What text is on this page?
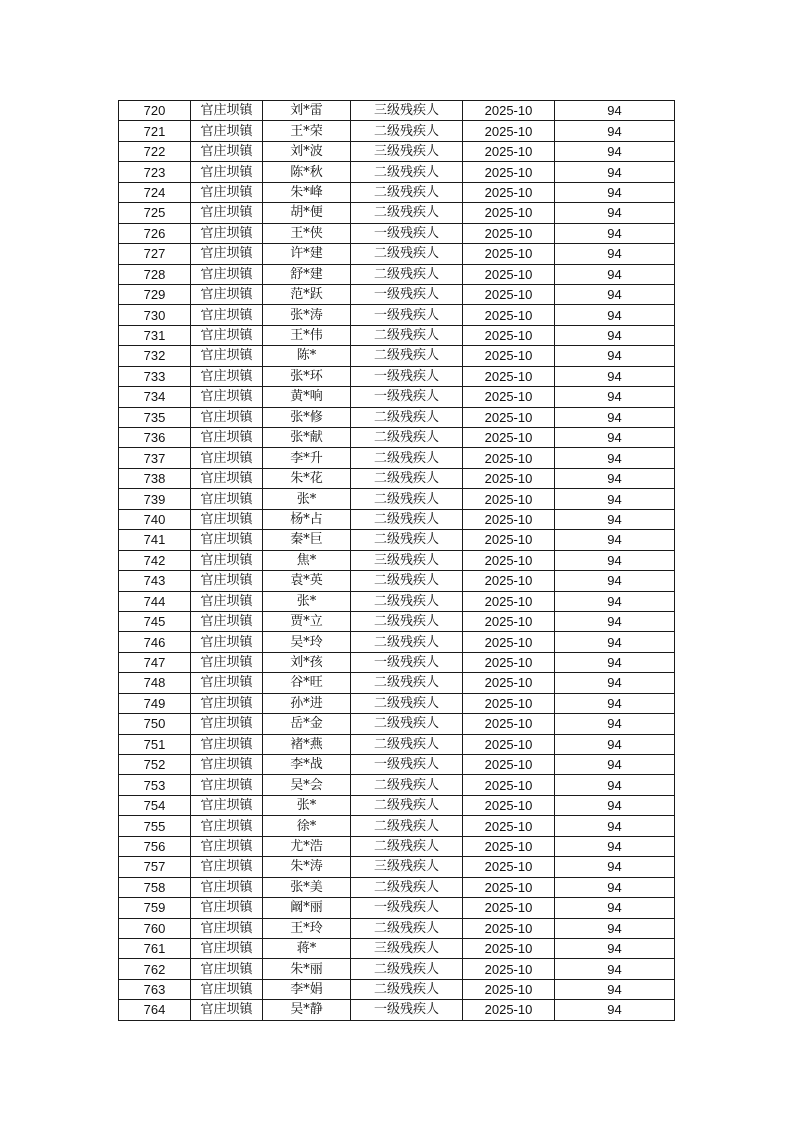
720	官庄坝镇	刘*雷	三级残疾人	2025-10	94
721	官庄坝镇	王*荣	二级残疾人	2025-10	94
722	官庄坝镇	刘*波	三级残疾人	2025-10	94
723	官庄坝镇	陈*秋	二级残疾人	2025-10	94
724	官庄坝镇	朱*峰	二级残疾人	2025-10	94
725	官庄坝镇	胡*便	二级残疾人	2025-10	94
726	官庄坝镇	王*侠	一级残疾人	2025-10	94
727	官庄坝镇	许*建	二级残疾人	2025-10	94
728	官庄坝镇	舒*建	二级残疾人	2025-10	94
729	官庄坝镇	范*跃	一级残疾人	2025-10	94
730	官庄坝镇	张*涛	一级残疾人	2025-10	94
731	官庄坝镇	王*伟	二级残疾人	2025-10	94
732	官庄坝镇	陈*	二级残疾人	2025-10	94
733	官庄坝镇	张*环	一级残疾人	2025-10	94
734	官庄坝镇	黄*响	一级残疾人	2025-10	94
735	官庄坝镇	张*修	二级残疾人	2025-10	94
736	官庄坝镇	张*献	二级残疾人	2025-10	94
737	官庄坝镇	李*升	二级残疾人	2025-10	94
738	官庄坝镇	朱*花	二级残疾人	2025-10	94
739	官庄坝镇	张*	二级残疾人	2025-10	94
740	官庄坝镇	杨*占	二级残疾人	2025-10	94
741	官庄坝镇	秦*巨	二级残疾人	2025-10	94
742	官庄坝镇	焦*	三级残疾人	2025-10	94
743	官庄坝镇	袁*英	二级残疾人	2025-10	94
744	官庄坝镇	张*	二级残疾人	2025-10	94
745	官庄坝镇	贾*立	二级残疾人	2025-10	94
746	官庄坝镇	吴*玲	二级残疾人	2025-10	94
747	官庄坝镇	刘*孩	一级残疾人	2025-10	94
748	官庄坝镇	谷*旺	二级残疾人	2025-10	94
749	官庄坝镇	孙*进	二级残疾人	2025-10	94
750	官庄坝镇	岳*金	二级残疾人	2025-10	94
751	官庄坝镇	褚*燕	二级残疾人	2025-10	94
752	官庄坝镇	李*战	一级残疾人	2025-10	94
753	官庄坝镇	吴*会	二级残疾人	2025-10	94
754	官庄坝镇	张*	二级残疾人	2025-10	94
755	官庄坝镇	徐*	二级残疾人	2025-10	94
756	官庄坝镇	尤*浩	二级残疾人	2025-10	94
757	官庄坝镇	朱*涛	三级残疾人	2025-10	94
758	官庄坝镇	张*美	二级残疾人	2025-10	94
759	官庄坝镇	阚*丽	一级残疾人	2025-10	94
760	官庄坝镇	王*玲	二级残疾人	2025-10	94
761	官庄坝镇	蒋*	三级残疾人	2025-10	94
762	官庄坝镇	朱*丽	二级残疾人	2025-10	94
763	官庄坝镇	李*娟	二级残疾人	2025-10	94
764	官庄坝镇	吴*静	一级残疾人	2025-10	94
